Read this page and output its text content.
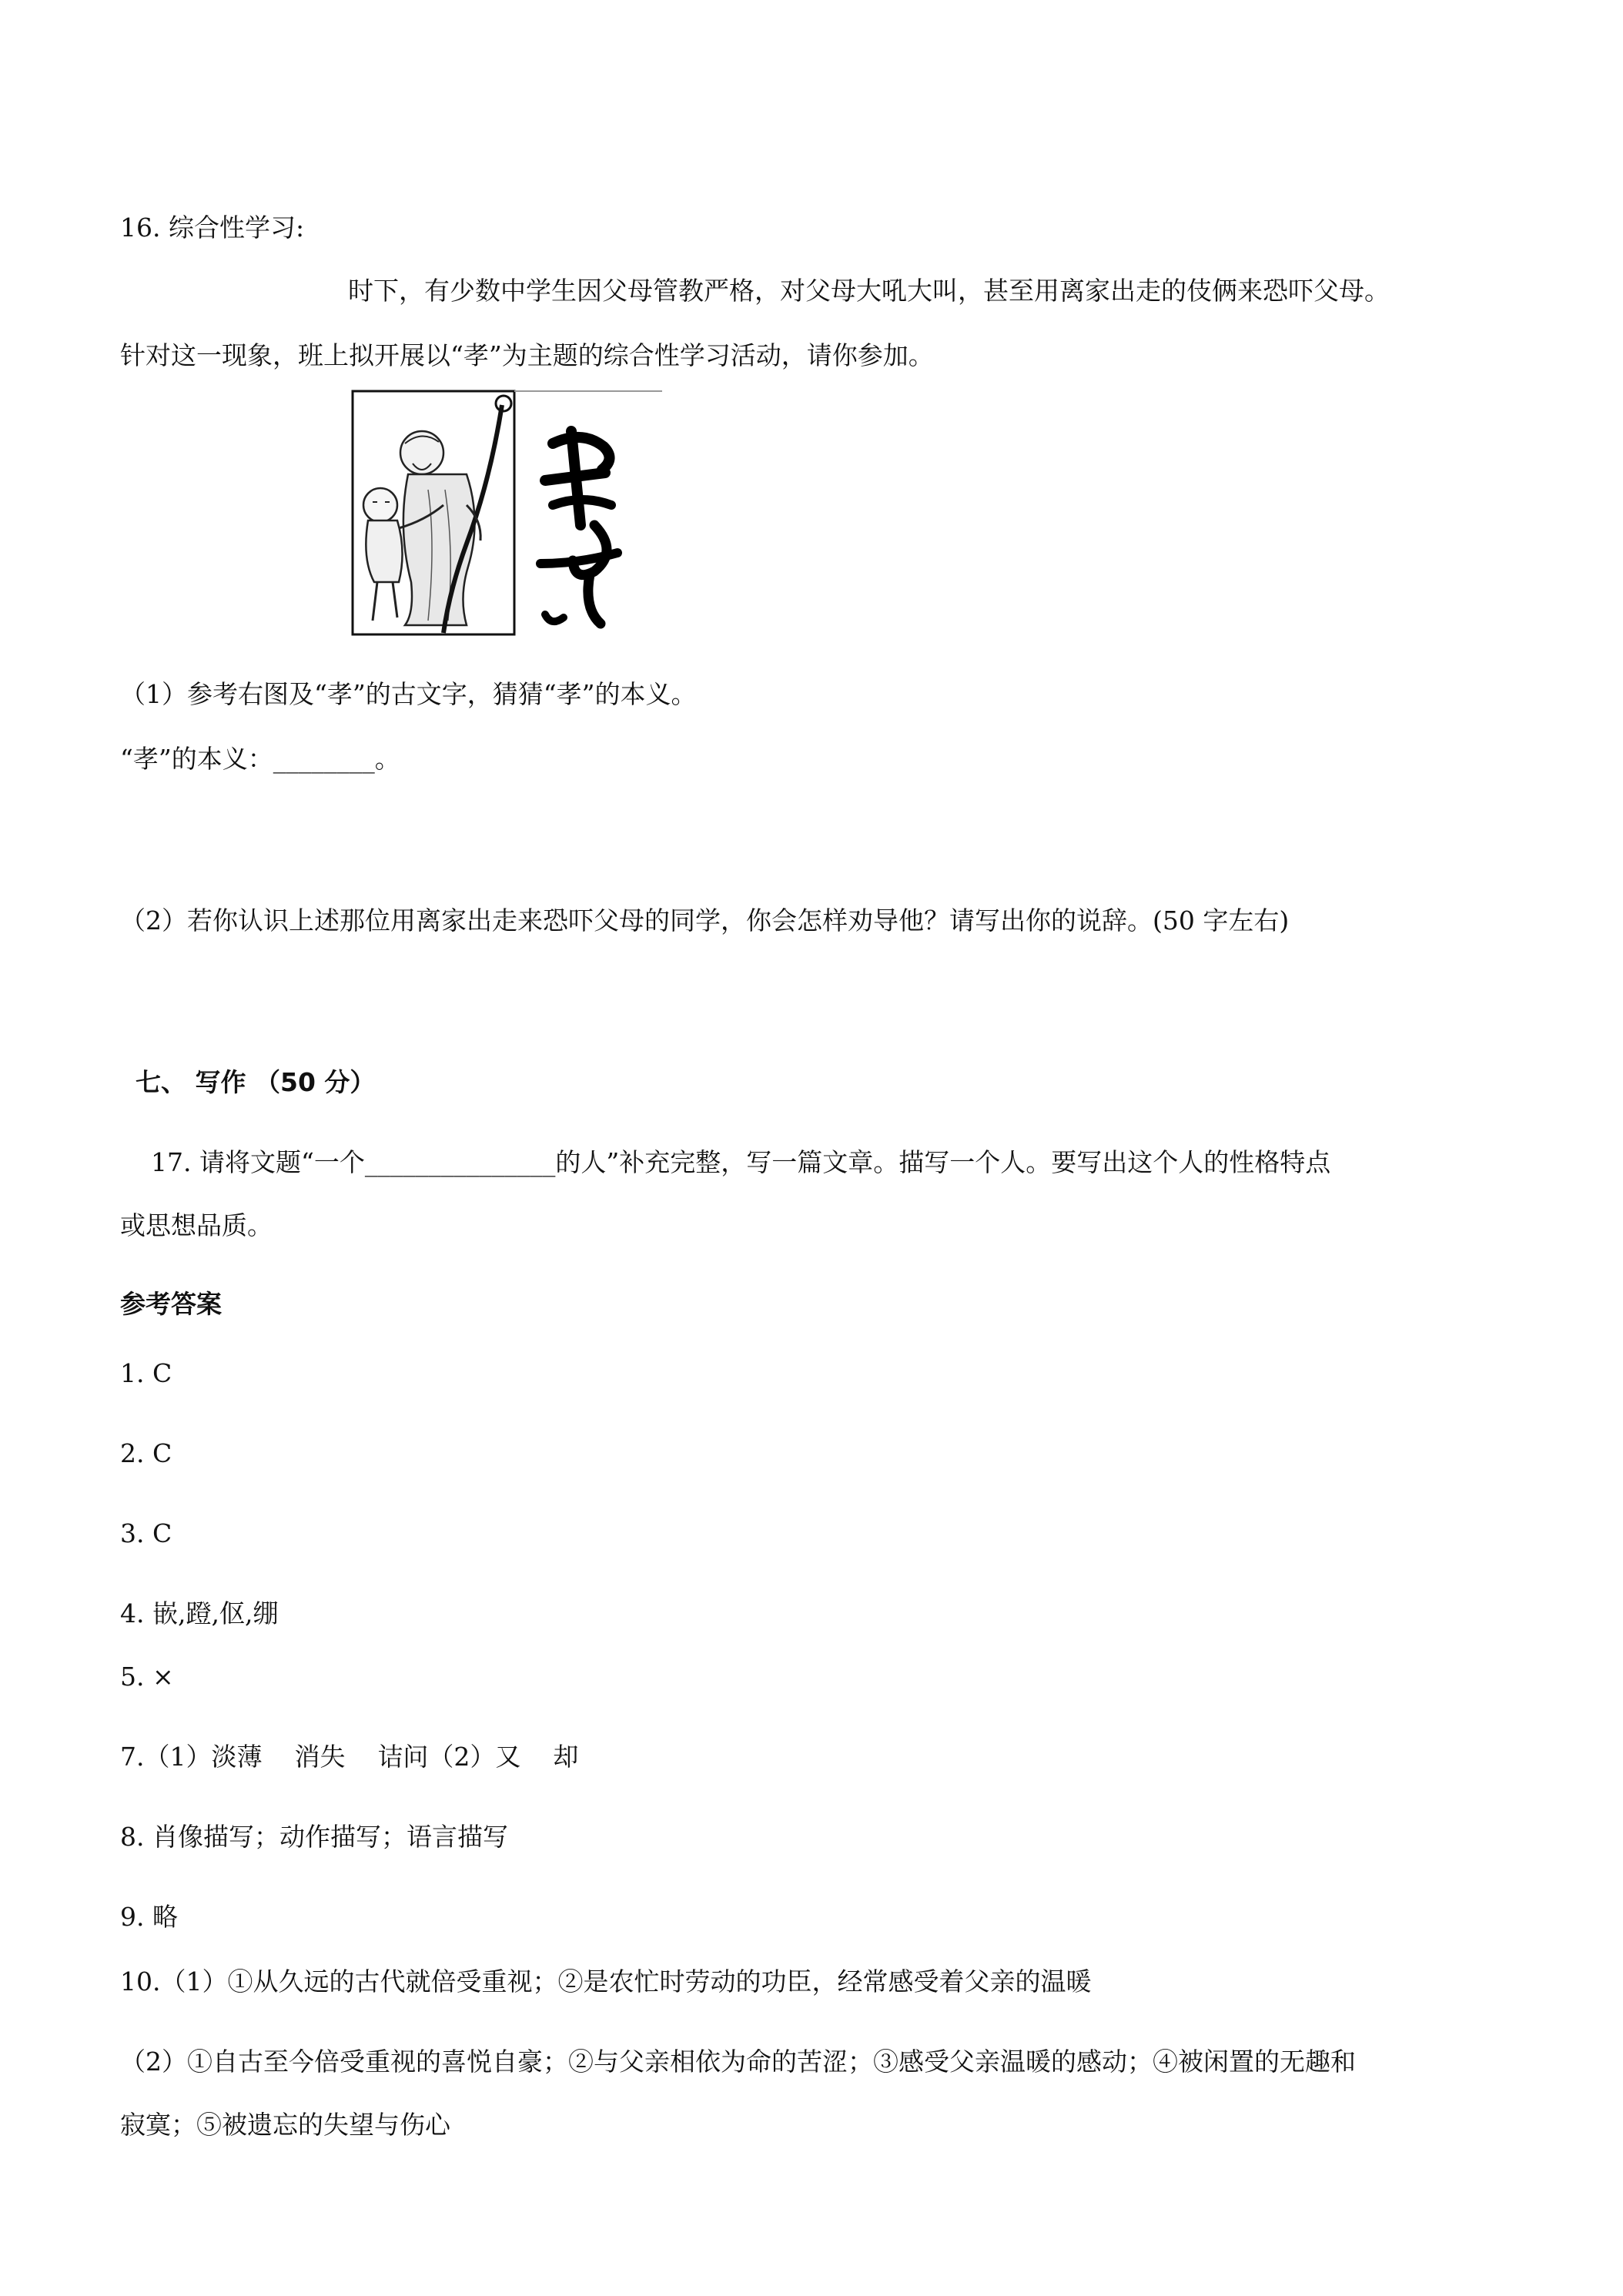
16. 综合性学习:

时下，有少数中学生因父母管教严格，对父母大吼大叫，甚至用离家出走的伎俩来恐吓父母。

针对这一现象，班上拟开展以“孝”为主题的综合性学习活动，请你参加。

（1）参考右图及“孝”的古文字，猜猜“孝”的本义。

“孝”的本义：________。

（2）若你认识上述那位用离家出走来恐吓父母的同学，你会怎样劝导他？请写出你的说辞。(50 字左右)

七、 写作 （50 分）

17. 请将文题“一个_______________的人”补充完整，写一篇文章。描写一个人。要写出这个人的性格特点

或思想品质。

参考答案

1. C

2. C

3. C

4. 嵌,蹬,伛,绷

5. ×

7.（1）淡薄    消失    诘问（2）又    却

8. 肖像描写；动作描写；语言描写

9. 略

10.（1）①从久远的古代就倍受重视；②是农忙时劳动的功臣，经常感受着父亲的温暖

（2）①自古至今倍受重视的喜悦自豪；②与父亲相依为命的苦涩；③感受父亲温暖的感动；④被闲置的无趣和

寂寞；⑤被遗忘的失望与伤心
